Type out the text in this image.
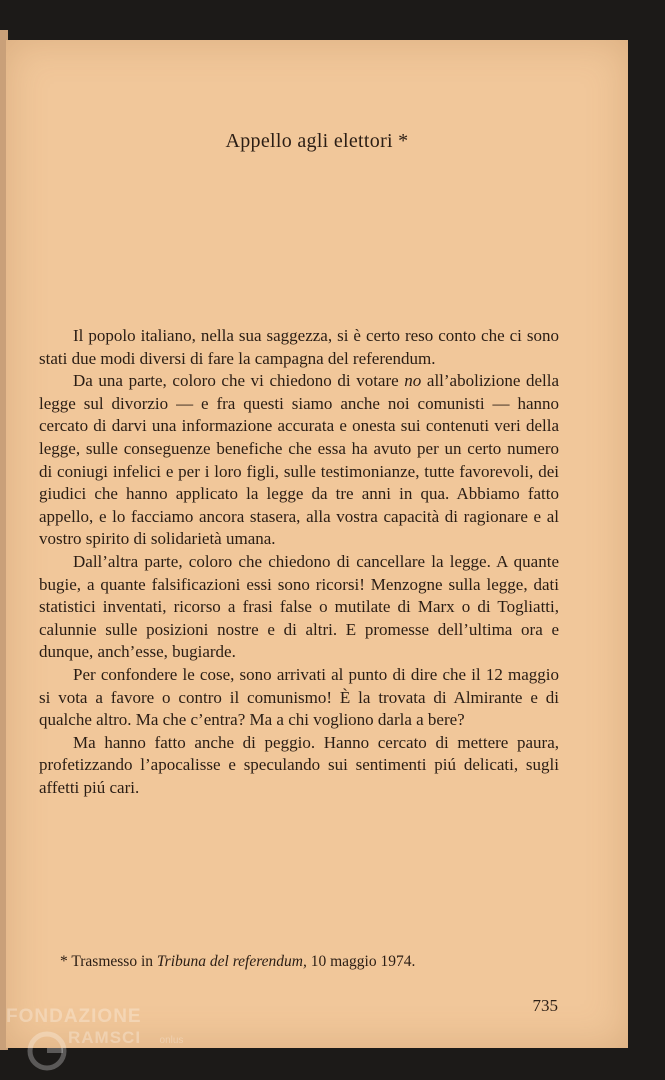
Appello agli elettori *

Il popolo italiano, nella sua saggezza, si è certo reso conto che ci sono stati due modi diversi di fare la campagna del referendum.

Da una parte, coloro che vi chiedono di votare no all’abolizione della legge sul divorzio — e fra questi siamo anche noi comunisti — hanno cercato di darvi una informazione accurata e onesta sui contenuti veri della legge, sulle conseguenze benefiche che essa ha avuto per un certo numero di coniugi infelici e per i loro figli, sulle testimonianze, tutte favorevoli, dei giudici che hanno applicato la legge da tre anni in qua. Abbiamo fatto appello, e lo facciamo ancora stasera, alla vostra capacità di ragionare e al vostro spirito di solidarietà umana.

Dall’altra parte, coloro che chiedono di cancellare la legge. A quante bugie, a quante falsificazioni essi sono ricorsi! Menzogne sulla legge, dati statistici inventati, ricorso a frasi false o mutilate di Marx o di Togliatti, calunnie sulle posizioni nostre e di altri. E promesse dell’ultima ora e dunque, anch’esse, bugiarde.

Per confondere le cose, sono arrivati al punto di dire che il 12 maggio si vota a favore o contro il comunismo! È la trovata di Almirante e di qualche altro. Ma che c’entra? Ma a chi vogliono darla a bere?

Ma hanno fatto anche di peggio. Hanno cercato di mettere paura, profetizzando l’apocalisse e speculando sui sentimenti piú delicati, sugli affetti piú cari.

* Trasmesso in Tribuna del referendum, 10 maggio 1974.
735
FONDAZIONE
RAMSCI onlus
